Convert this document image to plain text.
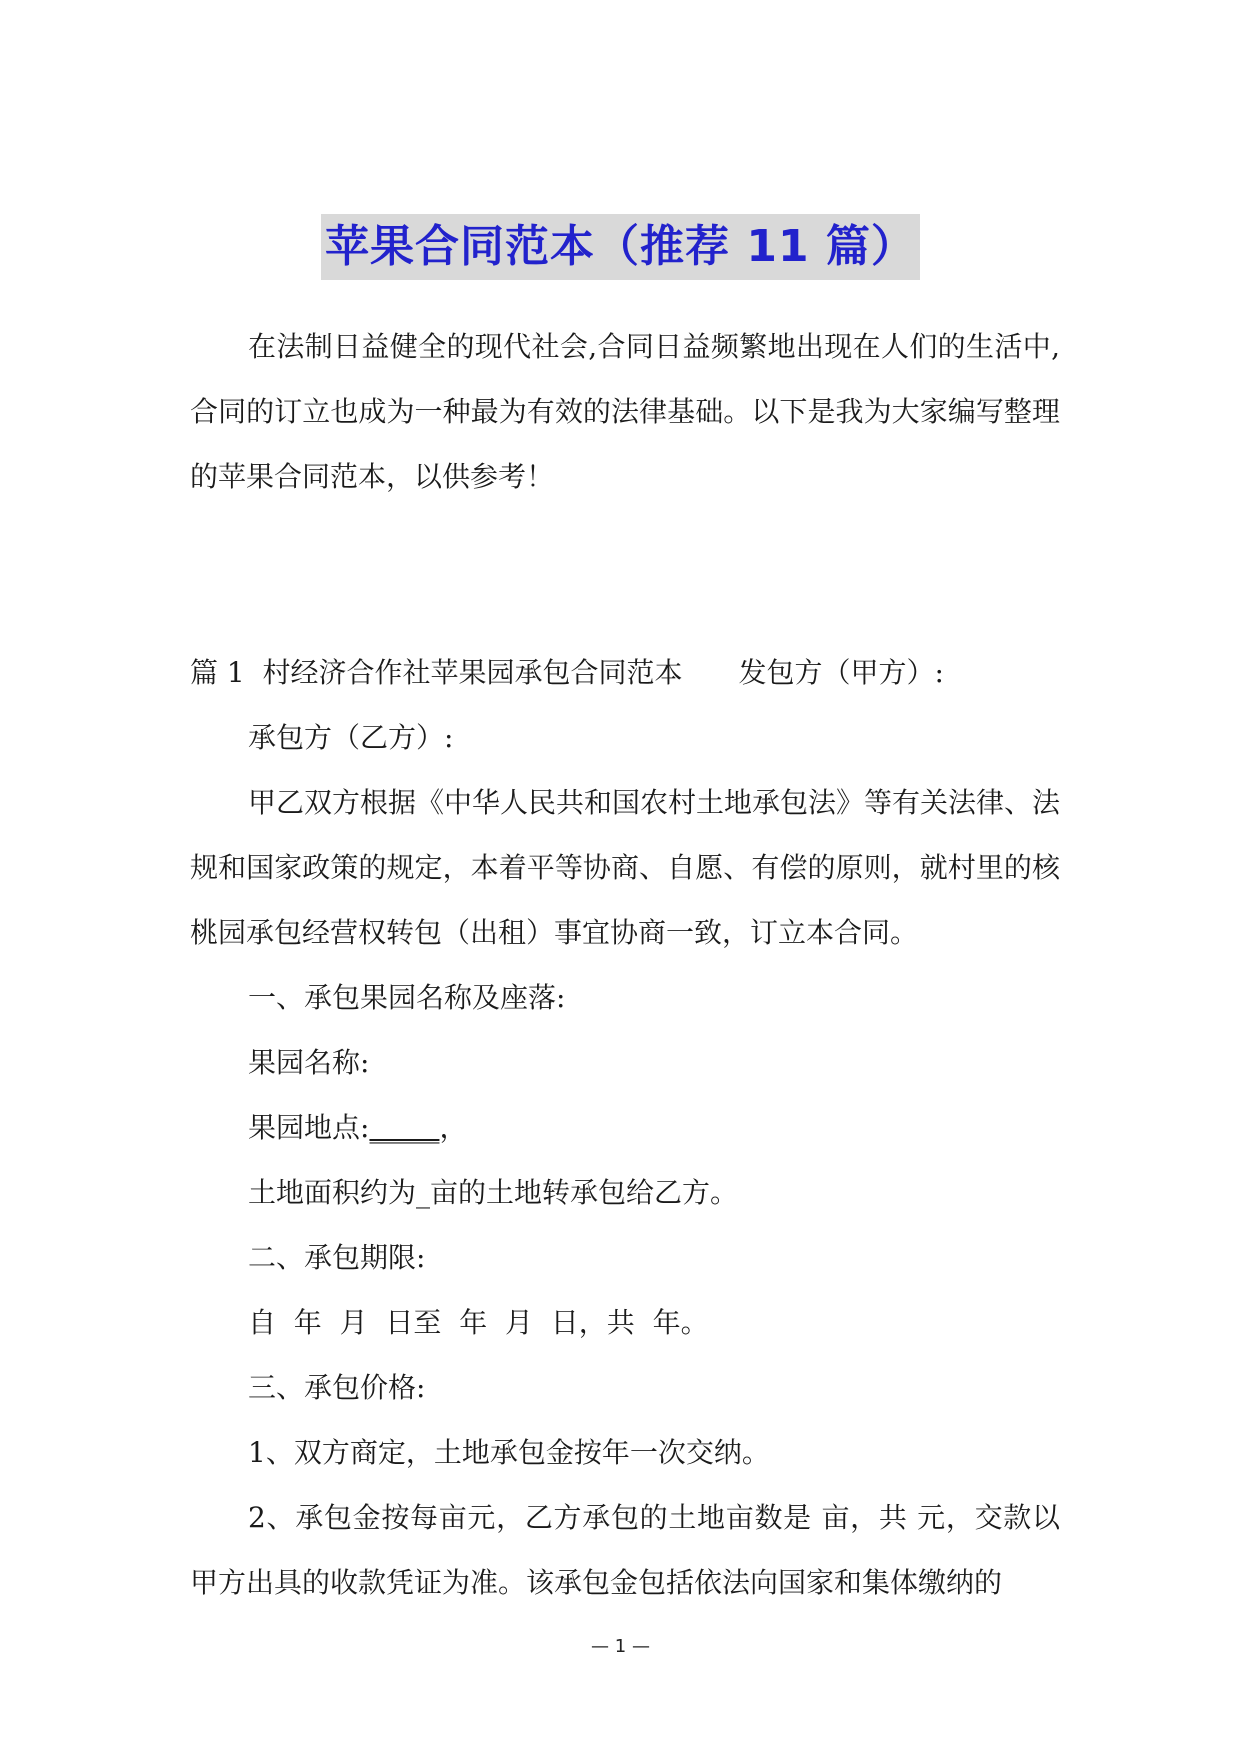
苹果合同范本（推荐 11 篇）

在法制日益健全的现代社会,合同日益频繁地出现在人们的生活中,合同的订立也成为一种最为有效的法律基础。以下是我为大家编写整理的苹果合同范本，以供参考！

篇 1  村经济合作社苹果园承包合同范本 发包方（甲方）:

承包方（乙方）:

甲乙双方根据《中华人民共和国农村土地承包法》等有关法律、法规和国家政策的规定，本着平等协商、自愿、有偿的原则，就村里的核桃园承包经营权转包（出租）事宜协商一致，订立本合同。

一、承包果园名称及座落:

果园名称:

果园地点:_____，

土地面积约为_亩的土地转承包给乙方。

二、承包期限:

自  年  月  日至  年  月  日，共  年。

三、承包价格:

1、双方商定，土地承包金按年一次交纳。

2、承包金按每亩元，乙方承包的土地亩数是 亩，共 元，交款以甲方出具的收款凭证为准。该承包金包括依法向国家和集体缴纳的

— 1 —
